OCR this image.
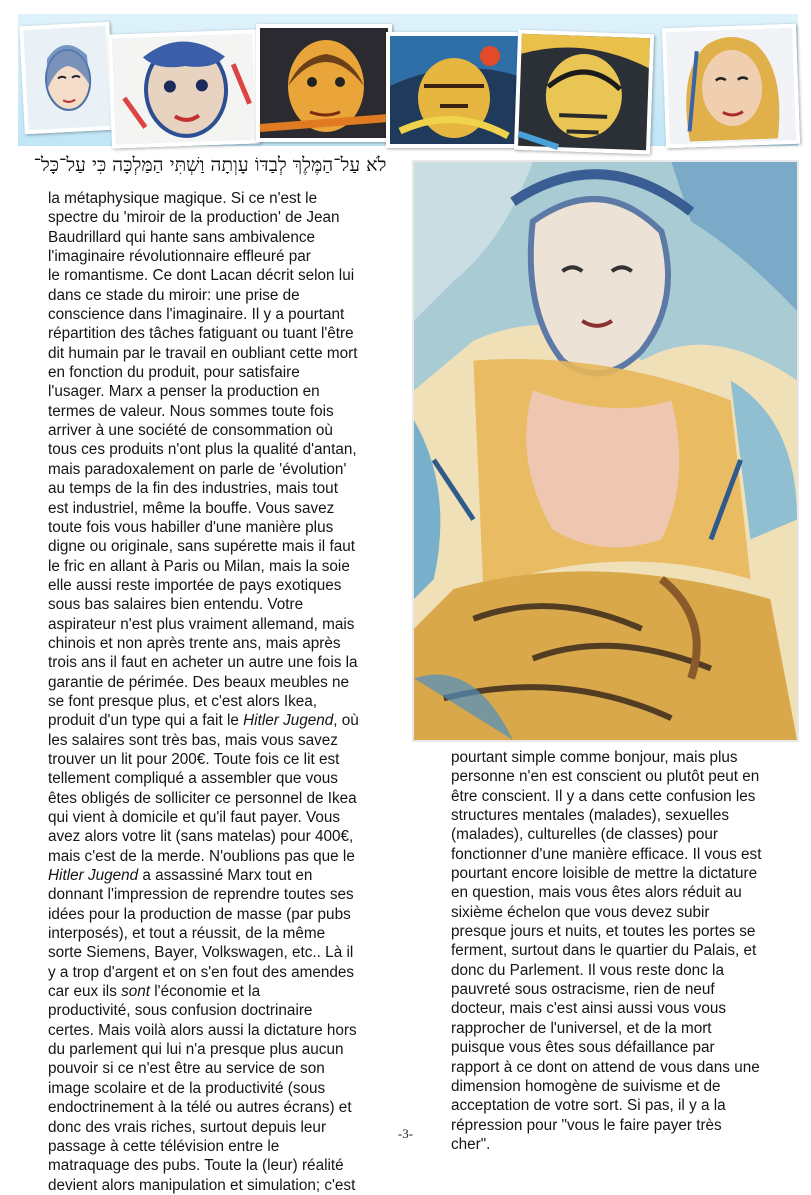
לֹא עַל־הַמֶּלֶךְ לְבַדּוֹ עָוְתָה וַשְׁתִּי הַמַּלְכָּה כִּי עַל־כָּל־
la métaphysique magique. Si ce n'est le
spectre du 'miroir de la production' de Jean
Baudrillard qui hante sans ambivalence
l'imaginaire révolutionnaire effleuré par
le romantisme. Ce dont Lacan décrit selon lui
dans ce stade du miroir: une prise de
conscience dans l'imaginaire. Il y a pourtant
répartition des tâches fatiguant ou tuant l'être
dit humain par le travail en oubliant cette mort
en fonction du produit, pour satisfaire
l'usager. Marx a penser la production en
termes de valeur. Nous sommes toute fois
arriver à une société de consommation où
tous ces produits n'ont plus la qualité d'antan,
mais paradoxalement on parle de 'évolution'
au temps de la fin des industries, mais tout
est industriel, même la bouffe. Vous savez
toute fois vous habiller d'une manière plus
digne ou originale, sans supérette mais il faut
le fric en allant à Paris ou Milan, mais la soie
elle aussi reste importée de pays exotiques
sous bas salaires bien entendu. Votre
aspirateur n'est plus vraiment allemand, mais
chinois et non après trente ans, mais après
trois ans il faut en acheter un autre une fois la
garantie de périmée. Des beaux meubles ne
se font presque plus, et c'est alors Ikea,
produit d'un type qui a fait le Hitler Jugend, où
les salaires sont très bas, mais vous savez
trouver un lit pour 200€. Toute fois ce lit est
tellement compliqué a assembler que vous
êtes obligés de solliciter ce personnel de Ikea
qui vient à domicile et qu'il faut payer. Vous
avez alors votre lit (sans matelas) pour 400€,
mais c'est de la merde. N'oublions pas que le
Hitler Jugend a assassiné Marx tout en
donnant l'impression de reprendre toutes ses
idées pour la production de masse (par pubs
interposés), et tout a réussit, de la même
sorte Siemens, Bayer, Volkswagen, etc.. Là il
y a trop d'argent et on s'en fout des amendes
car eux ils sont l'économie et la
productivité, sous confusion doctrinaire
certes. Mais voilà alors aussi la dictature hors
du parlement qui lui n'a presque plus aucun
pouvoir si ce n'est être au service de son
image scolaire et de la productivité (sous
endoctrinement à la télé ou autres écrans) et
donc des vrais riches, surtout depuis leur
passage à cette télévision entre le
matraquage des pubs. Toute la (leur) réalité
devient alors manipulation et simulation; c'est
pourtant simple comme bonjour, mais plus
personne n'en est conscient ou plutôt peut en
être conscient. Il y a dans cette confusion les
structures mentales (malades), sexuelles
(malades), culturelles (de classes) pour
fonctionner d'une manière efficace. Il vous est
pourtant encore loisible de mettre la dictature
en question, mais vous êtes alors réduit au
sixième échelon que vous devez subir
presque jours et nuits, et toutes les portes se
ferment, surtout dans le quartier du Palais, et
donc du Parlement. Il vous reste donc la
pauvreté sous ostracisme, rien de neuf
docteur, mais c'est ainsi aussi vous vous
rapprocher de l'universel, et de la mort
puisque vous êtes sous défaillance par
rapport à ce dont on attend de vous dans une
dimension homogène de suivisme et de
acceptation de votre sort. Si pas, il y a la
répression pour "vous le faire payer très
cher".
-3-
